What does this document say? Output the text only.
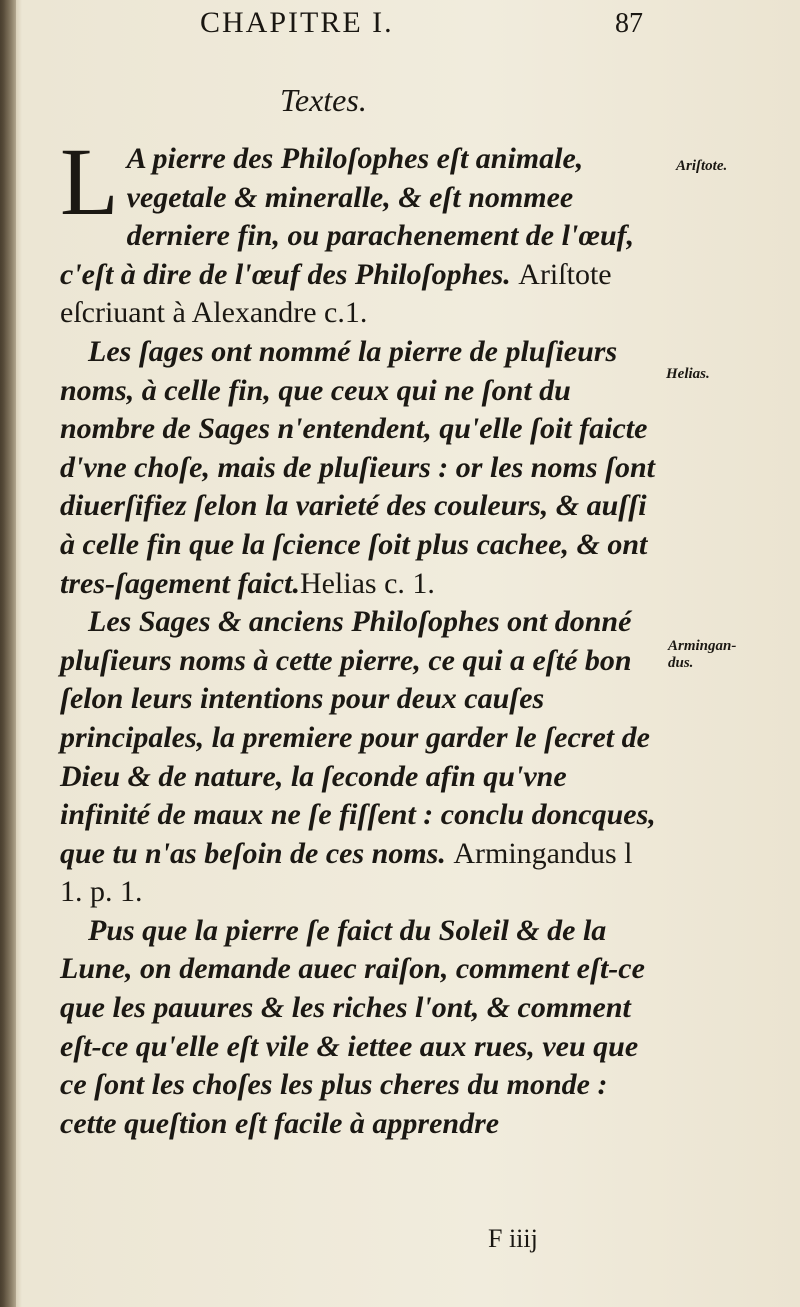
CHAPITRE I.	87
Textes.

L A pierre des Philoſophes eſt animale, vegetale & mineralle, & eſt nommee derniere fin, ou parachenement de l'œuf, c'eſt à dire de l'œuf des Philoſophes. Ariſtote eſcriuant à Alexandre c.1.

Les ſages ont nommé la pierre de pluſieurs noms, à celle fin, que ceux qui ne ſont du nombre de Sages n'entendent, qu'elle ſoit faicte d'vne choſe, mais de pluſieurs : or les noms ſont diuerſifiez ſelon la varieté des couleurs, & auſſi à celle fin que la ſcience ſoit plus cachee, & ont tres-ſagement faict.Helias c. 1.

Les Sages & anciens Philoſophes ont donné pluſieurs noms à cette pierre, ce qui a eſté bon ſelon leurs intentions pour deux cauſes principales, la premiere pour garder le ſecret de Dieu & de nature, la ſeconde afin qu'vne infinité de maux ne ſe fiſſent : conclu doncques, que tu n'as beſoin de ces noms. Armingandus l 1. p. 1.

Pus que la pierre ſe faict du Soleil & de la Lune, on demande auec raiſon, comment eſt-ce que les pauures & les riches l'ont, & comment eſt-ce qu'elle eſt vile & iettee aux rues, veu que ce ſont les choſes les plus cheres du monde : cette queſtion eſt facile à apprendre

Ariſtote.
Helias.
Armingan-dus.
F iiij
